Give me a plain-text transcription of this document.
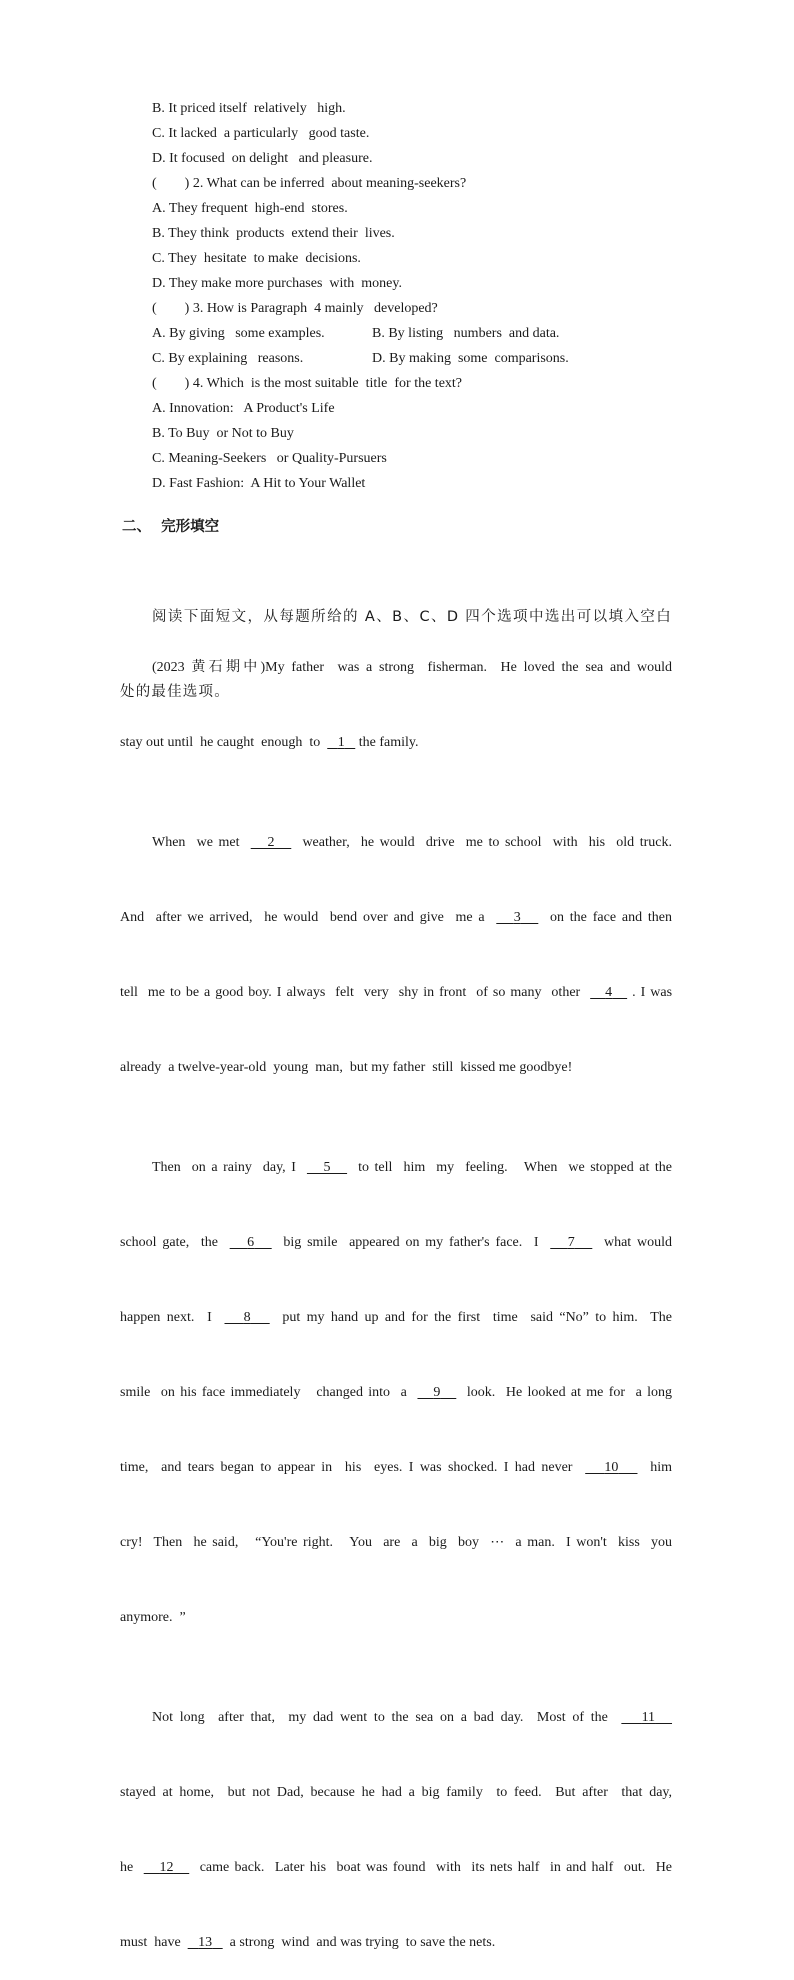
B. It priced itself  relatively   high.
C. It lacked  a particularly   good taste.
D. It focused  on delight   and pleasure.
(        ) 2. What can be inferred  about meaning-seekers?
A. They frequent  high-end  stores.
B. They think  products  extend their  lives.
C. They  hesitate  to make  decisions.
D. They make more purchases  with  money.
(        ) 3. How is Paragraph  4 mainly   developed?
A. By giving   some examples.	B. By listing   numbers  and data.
C. By explaining   reasons.	D. By making  some  comparisons.
(        ) 4. Which  is the most suitable  title  for the text?
A. Innovation:   A Product's Life
B. To Buy  or Not to Buy
C. Meaning-Seekers   or Quality-Pursuers
D. Fast Fashion:  A Hit to Your Wallet
二、  完形填空

阅读下面短文，从每题所给的 A、B、C、D 四个选项中选出可以填入空白

处的最佳选项。

(2023 黄石期中)My father  was a strong  fisherman.  He loved the sea and would

stay out until  he caught  enough  to     1    the family.

When  we met     2     weather,  he would  drive  me to school  with  his  old truck.

And  after we arrived,  he would  bend over and give  me a     3     on the face and then

tell  me to be a good boy. I always  felt  very  shy in front  of so many  other     4    . I was

already  a twelve-year-old  young  man,  but my father  still  kissed me goodbye!

Then  on a rainy  day, I     5     to tell  him  my  feeling.   When  we stopped at the

school gate,  the     6     big smile  appeared on my father's face.  I     7     what would

happen next.  I     8     put my hand up and for the first  time  said “No” to him.  The

smile  on his face immediately   changed into  a     9     look.  He looked at me for  a long

time,  and tears began to appear in  his  eyes. I was shocked. I had never     10     him

cry!  Then  he said,   “You're right.   You  are  a  big  boy  ⋯  a man.  I won't  kiss  you

anymore.  ”

Not long  after that,  my dad went to the sea on a bad day.  Most of the     11

stayed at home,  but not Dad, because he had a big family  to feed.  But after  that day,

he     12     came back.  Later his  boat was found  with  its nets half  in and half  out.  He

must  have     13     a strong  wind  and was trying  to save the nets.
